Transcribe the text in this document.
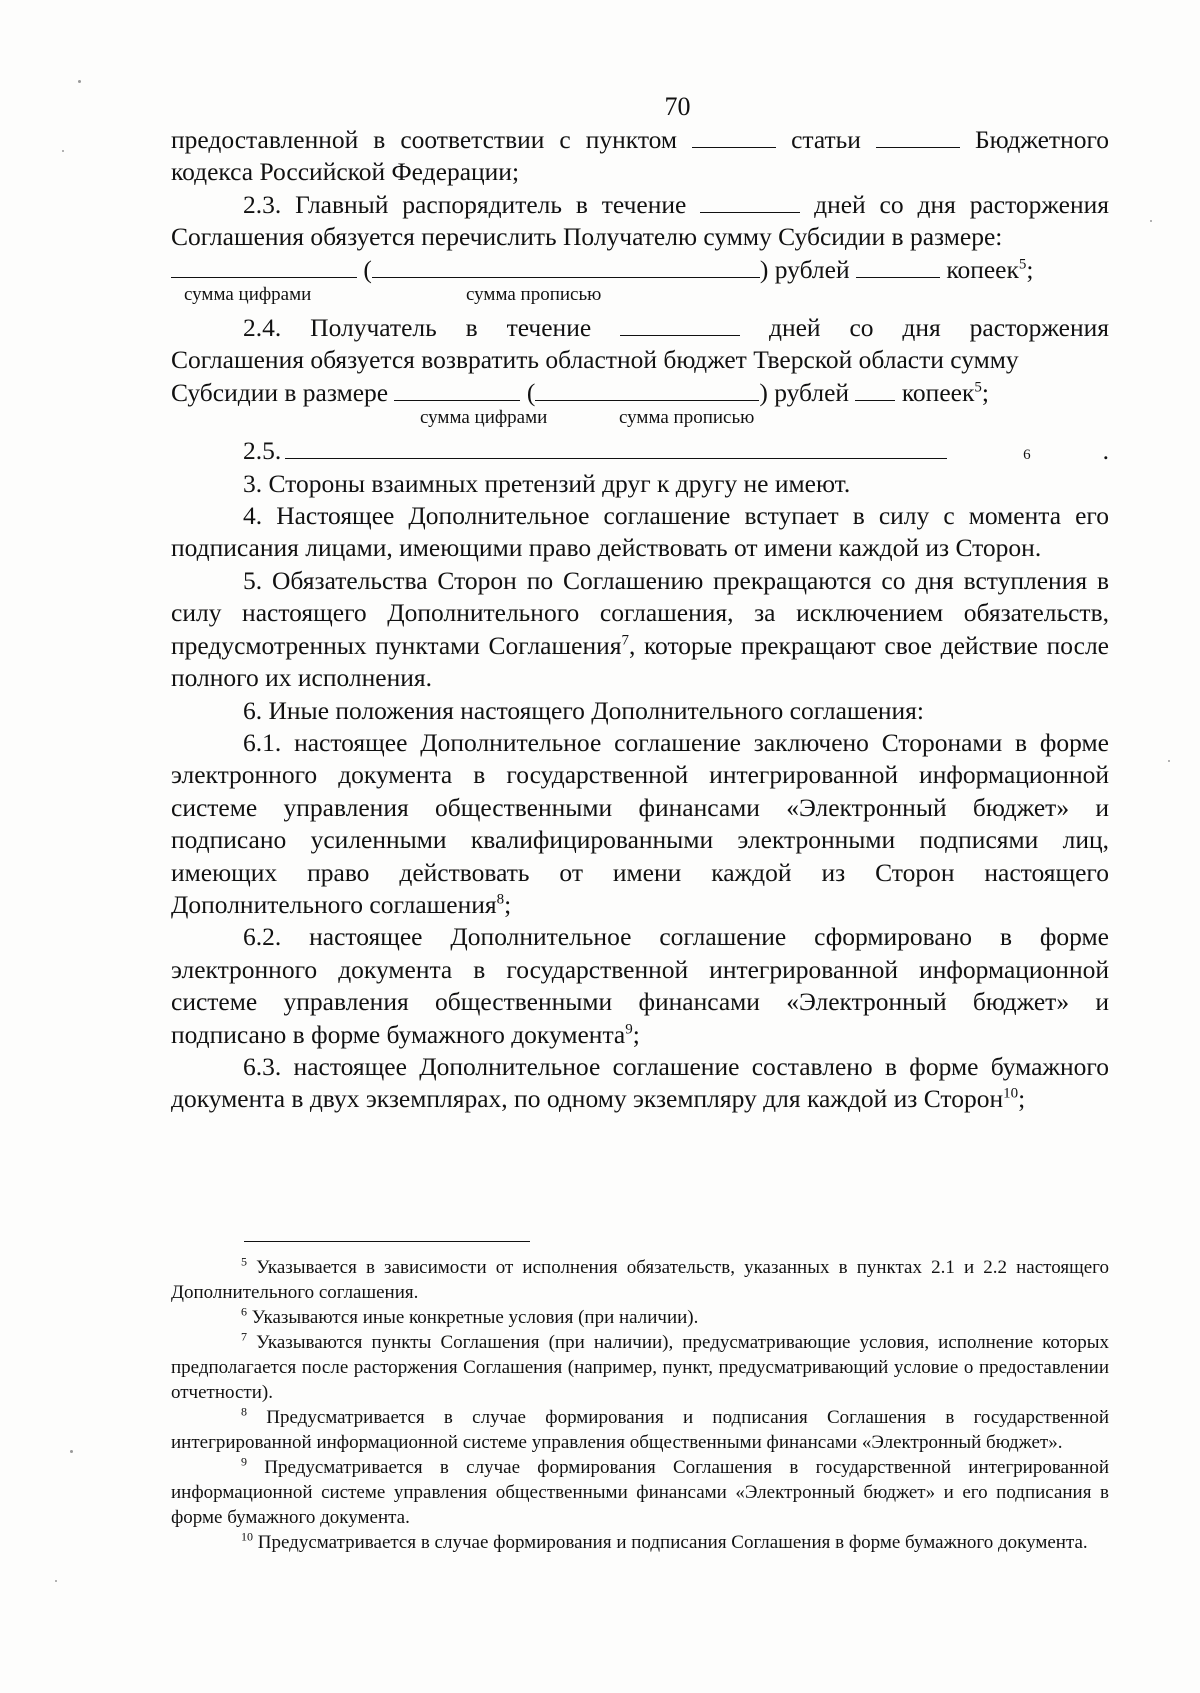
70

предоставленной в соответствии с пунктом	статьи	Бюджетного

кодекса Российской Федерации;

2.3. Главный распорядитель в течение	дней со дня расторжения

Соглашения обязуется перечислить Получателю сумму Субсидии в размере:

(	) рублей	копеек$^5$;

сумма цифрами	сумма прописью

2.4. Получатель в течение	дней со дня расторжения

Соглашения обязуется возвратить областной бюджет Тверской области сумму

Субсидии в размере	(	) рублей копеек$^5$;

сумма цифрами	сумма прописью

2.5.	6	.

3. Стороны взаимных претензий друг к другу не имеют.

4. Настоящее Дополнительное соглашение вступает в силу с момента его подписания лицами, имеющими право действовать от имени каждой из Сторон.

5. Обязательства Сторон по Соглашению прекращаются со дня вступления в силу настоящего Дополнительного соглашения, за исключением обязательств, предусмотренных пунктами Соглашения$^7$, которые прекращают свое действие после полного их исполнения.

6. Иные положения настоящего Дополнительного соглашения:

6.1. настоящее Дополнительное соглашение заключено Сторонами в форме электронного документа в государственной интегрированной информационной системе управления общественными финансами «Электронный бюджет» и подписано усиленными квалифицированными электронными подписями лиц, имеющих право действовать от имени каждой из Сторон настоящего Дополнительного соглашения$^8$;

6.2. настоящее Дополнительное соглашение сформировано в форме электронного документа в государственной интегрированной информационной системе управления общественными финансами «Электронный бюджет» и подписано в форме бумажного документа$^9$;

6.3. настоящее Дополнительное соглашение составлено в форме бумажного документа в двух экземплярах, по одному экземпляру для каждой из Сторон$^{10}$;

$^5$ Указывается в зависимости от исполнения обязательств, указанных в пунктах 2.1 и 2.2 настоящего Дополнительного соглашения.

$^6$ Указываются иные конкретные условия (при наличии).

$^7$ Указываются пункты Соглашения (при наличии), предусматривающие условия, исполнение которых предполагается после расторжения Соглашения (например, пункт, предусматривающий условие о предоставлении отчетности).

$^8$ Предусматривается в случае формирования и подписания Соглашения в государственной интегрированной информационной системе управления общественными финансами «Электронный бюджет».

$^9$ Предусматривается в случае формирования Соглашения в государственной интегрированной информационной системе управления общественными финансами «Электронный бюджет» и его подписания в форме бумажного документа.

$^{10}$ Предусматривается в случае формирования и подписания Соглашения в форме бумажного документа.
